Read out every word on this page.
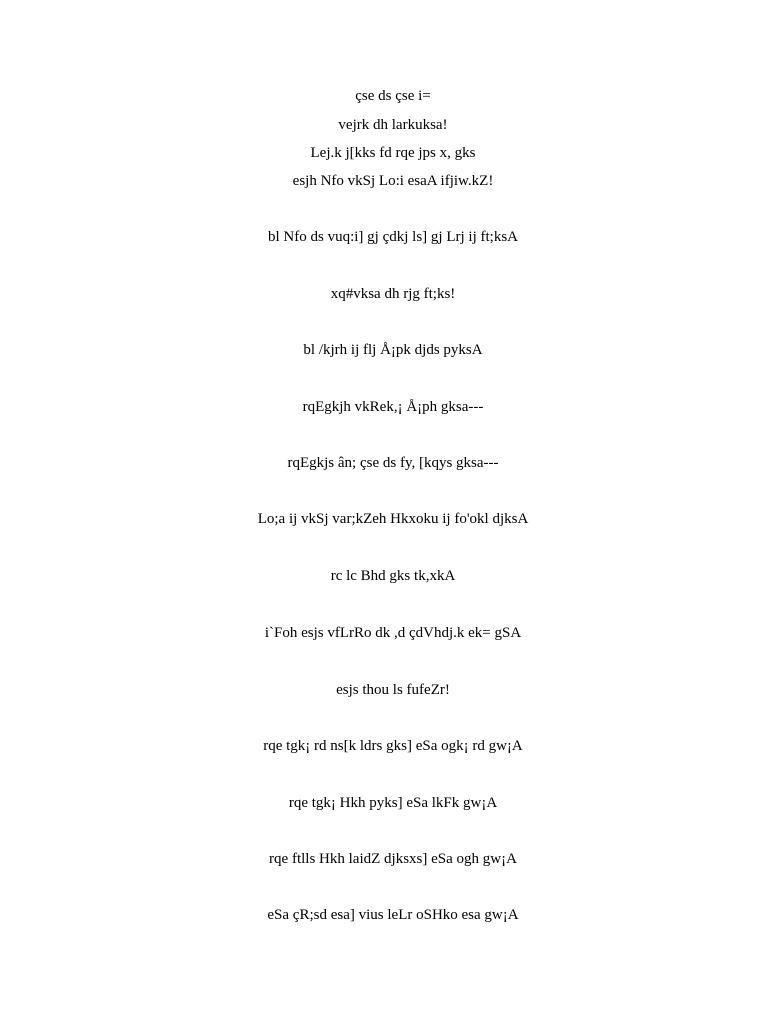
çse ds çse i=
vejrk dh larkuksa!
Lej.k j[kks fd rqe jps x, gks
esjh Nfo vkSj Lo:i esaA ifjiw.kZ!
bl Nfo ds vuq:i] gj çdkj ls] gj Lrj ij ft;ksA
xq#vksa dh rjg ft;ks!
bl /kjrh ij flj Å¡pk djds pyksA
rqEgkjh vkRek,¡ Å¡ph gksa---
rqEgkjs ân; çse ds fy, [kqys gksa---
Lo;a ij vkSj var;kZeh Hkxoku ij fo'okl djksA
rc lc Bhd gks tk,xkA
i`Foh esjs vfLrRo dk ,d çdVhdj.k ek= gSA
esjs thou ls fufeZr!
rqe tgk¡ rd ns[k ldrs gks] eSa ogk¡ rd gw¡A
rqe tgk¡ Hkh pyks] eSa lkFk gw¡A
rqe ftlls Hkh laidZ djksxs] eSa ogh gw¡A
eSa çR;sd esa] vius leLr oSHko esa gw¡A
